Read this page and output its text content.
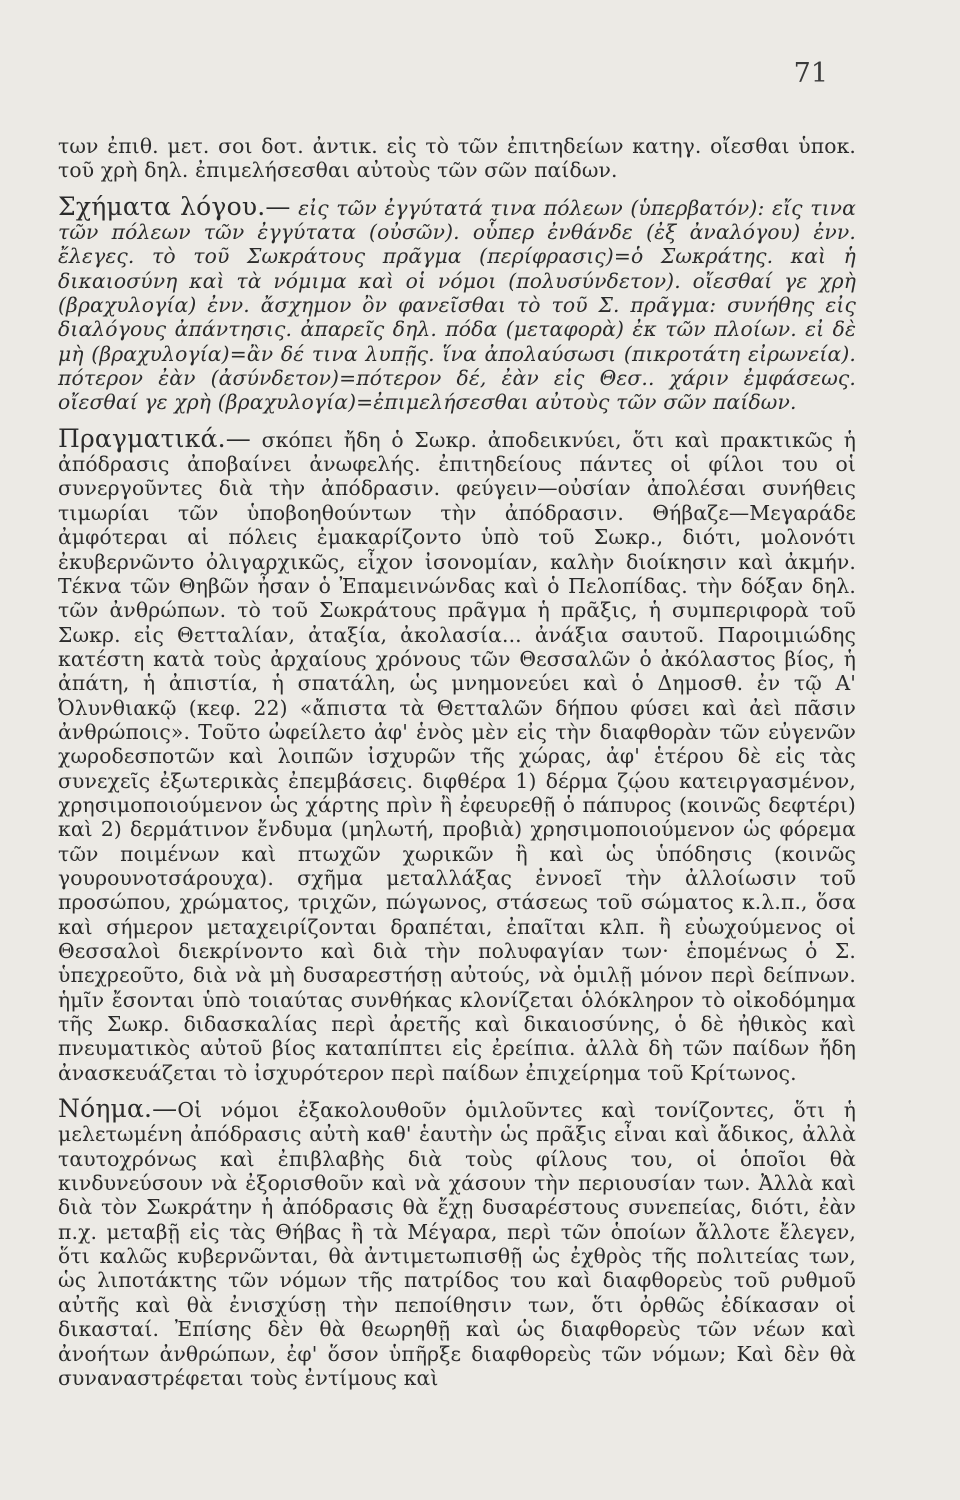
71

των ἐπιθ. μετ. σοι δοτ. ἀντικ. εἰς τὸ τῶν ἐπιτηδείων κατηγ. οἴεσθαι ὑποκ. τοῦ χρὴ δηλ. ἐπιμελήσεσθαι αὐτοὺς τῶν σῶν παίδων.

Σχήματα λόγου.— εἰς τῶν ἐγγύτατά τινα πόλεων (ὑπερβατόν): εἴς τινα τῶν πόλεων τῶν ἐγγύτατα (οὐσῶν). οὗπερ ἐνθάνδε (ἐξ ἀναλόγου) ἐνν. ἔλεγες. τὸ τοῦ Σωκράτους πρᾶγμα (περίφρασις)=ὁ Σωκράτης. καὶ ἡ δικαιοσύνη καὶ τὰ νόμιμα καὶ οἱ νόμοι (πολυσύνδετον). οἴεσθαί γε χρὴ (βραχυλογία) ἐνν. ἄσχημον ὂν φανεῖσθαι τὸ τοῦ Σ. πρᾶγμα: συνήθης εἰς διαλόγους ἀπάντησις. ἀπαρεῖς δηλ. πόδα (μεταφορὰ) ἐκ τῶν πλοίων. εἰ δὲ μὴ (βραχυλογία)=ἂν δέ τινα λυπῇς. ἵνα ἀπολαύσωσι (πικροτάτη εἰρωνεία). πότερον ἐὰν (ἀσύνδετον)=πότερον δέ, ἐὰν εἰς Θεσ.. χάριν ἐμφάσεως. οἴεσθαί γε χρὴ (βραχυλογία)=ἐπιμελήσεσθαι αὐτοὺς τῶν σῶν παίδων.

Πραγματικά.— σκόπει ἤδη ὁ Σωκρ. ἀποδεικνύει, ὅτι καὶ πρακτικῶς ἡ ἀπόδρασις ἀποβαίνει ἀνωφελής. ἐπιτηδείους πάντες οἱ φίλοι του οἱ συνεργοῦντες διὰ τὴν ἀπόδρασιν. φεύγειν—οὐσίαν ἀπολέσαι συνήθεις τιμωρίαι τῶν ὑποβοηθούντων τὴν ἀπόδρασιν. Θήβαζε—Μεγαράδε ἀμφότεραι αἱ πόλεις ἐμακαρίζοντο ὑπὸ τοῦ Σωκρ., διότι, μολονότι ἐκυβερνῶντο ὀλιγαρχικῶς, εἶχον ἰσονομίαν, καλὴν διοίκησιν καὶ ἀκμήν. Τέκνα τῶν Θηβῶν ἦσαν ὁ Ἐπαμεινώνδας καὶ ὁ Πελοπίδας. τὴν δόξαν δηλ. τῶν ἀνθρώπων. τὸ τοῦ Σωκράτους πρᾶγμα ἡ πρᾶξις, ἡ συμπεριφορὰ τοῦ Σωκρ. εἰς Θετταλίαν, ἀταξία, ἀκολασία... ἀνάξια σαυτοῦ. Παροιμιώδης κατέστη κατὰ τοὺς ἀρχαίους χρόνους τῶν Θεσσαλῶν ὁ ἀκόλαστος βίος, ἡ ἀπάτη, ἡ ἀπιστία, ἡ σπατάλη, ὡς μνημονεύει καὶ ὁ Δημοσθ. ἐν τῷ Α' Ὀλυνθιακῷ (κεφ. 22) «ἄπιστα τὰ Θετταλῶν δήπου φύσει καὶ ἀεὶ πᾶσιν ἀνθρώποις». Τοῦτο ὠφείλετο ἀφ' ἑνὸς μὲν εἰς τὴν διαφθορὰν τῶν εὐγενῶν χωροδεσποτῶν καὶ λοιπῶν ἰσχυρῶν τῆς χώρας, ἀφ' ἑτέρου δὲ εἰς τὰς συνεχεῖς ἐξωτερικὰς ἐπεμβάσεις. διφθέρα 1) δέρμα ζῴου κατειργασμένον, χρησιμοποιούμενον ὡς χάρτης πρὶν ἢ ἐφευρεθῇ ὁ πάπυρος (κοινῶς δεφτέρι) καὶ 2) δερμάτινον ἔνδυμα (μηλωτή, προβιὰ) χρησιμοποιούμενον ὡς φόρεμα τῶν ποιμένων καὶ πτωχῶν χωρικῶν ἢ καὶ ὡς ὑπόδησις (κοινῶς γουρουνοτσάρουχα). σχῆμα μεταλλάξας ἐννοεῖ τὴν ἀλλοίωσιν τοῦ προσώπου, χρώματος, τριχῶν, πώγωνος, στάσεως τοῦ σώματος κ.λ.π., ὅσα καὶ σήμερον μεταχειρίζονται δραπέται, ἐπαῖται κλπ. ἢ εὐωχούμενος οἱ Θεσσαλοὶ διεκρίνοντο καὶ διὰ τὴν πολυφαγίαν των· ἑπομένως ὁ Σ. ὑπεχρεοῦτο, διὰ νὰ μὴ δυσαρεστήσῃ αὐτούς, νὰ ὁμιλῇ μόνον περὶ δείπνων. ἡμῖν ἔσονται ὑπὸ τοιαύτας συνθήκας κλονίζεται ὁλόκληρον τὸ οἰκοδόμημα τῆς Σωκρ. διδασκαλίας περὶ ἀρετῆς καὶ δικαιοσύνης, ὁ δὲ ἠθικὸς καὶ πνευματικὸς αὐτοῦ βίος καταπίπτει εἰς ἐρείπια. ἀλλὰ δὴ τῶν παίδων ἤδη ἀνασκευάζεται τὸ ἰσχυρότερον περὶ παίδων ἐπιχείρημα τοῦ Κρίτωνος.

Νόημα.—Οἱ νόμοι ἐξακολουθοῦν ὁμιλοῦντες καὶ τονίζοντες, ὅτι ἡ μελετωμένη ἀπόδρασις αὐτὴ καθ' ἑαυτὴν ὡς πρᾶξις εἶναι καὶ ἄδικος, ἀλλὰ ταυτοχρόνως καὶ ἐπιβλαβὴς διὰ τοὺς φίλους του, οἱ ὁποῖοι θὰ κινδυνεύσουν νὰ ἐξορισθοῦν καὶ νὰ χάσουν τὴν περιουσίαν των. Ἀλλὰ καὶ διὰ τὸν Σωκράτην ἡ ἀπόδρασις θὰ ἔχῃ δυσαρέστους συνεπείας, διότι, ἐὰν π.χ. μεταβῇ εἰς τὰς Θήβας ἢ τὰ Μέγαρα, περὶ τῶν ὁποίων ἄλλοτε ἔλεγεν, ὅτι καλῶς κυβερνῶνται, θὰ ἀντιμετωπισθῇ ὡς ἐχθρὸς τῆς πολιτείας των, ὡς λιποτάκτης τῶν νόμων τῆς πατρίδος του καὶ διαφθορεὺς τοῦ ρυθμοῦ αὐτῆς καὶ θὰ ἐνισχύσῃ τὴν πεποίθησιν των, ὅτι ὀρθῶς ἐδίκασαν οἱ δικασταί. Ἐπίσης δὲν θὰ θεωρηθῇ καὶ ὡς διαφθορεὺς τῶν νέων καὶ ἀνοήτων ἀνθρώπων, ἐφ' ὅσον ὑπῆρξε διαφθορεὺς τῶν νόμων; Καὶ δὲν θὰ συναναστρέφεται τοὺς ἐντίμους καὶ
